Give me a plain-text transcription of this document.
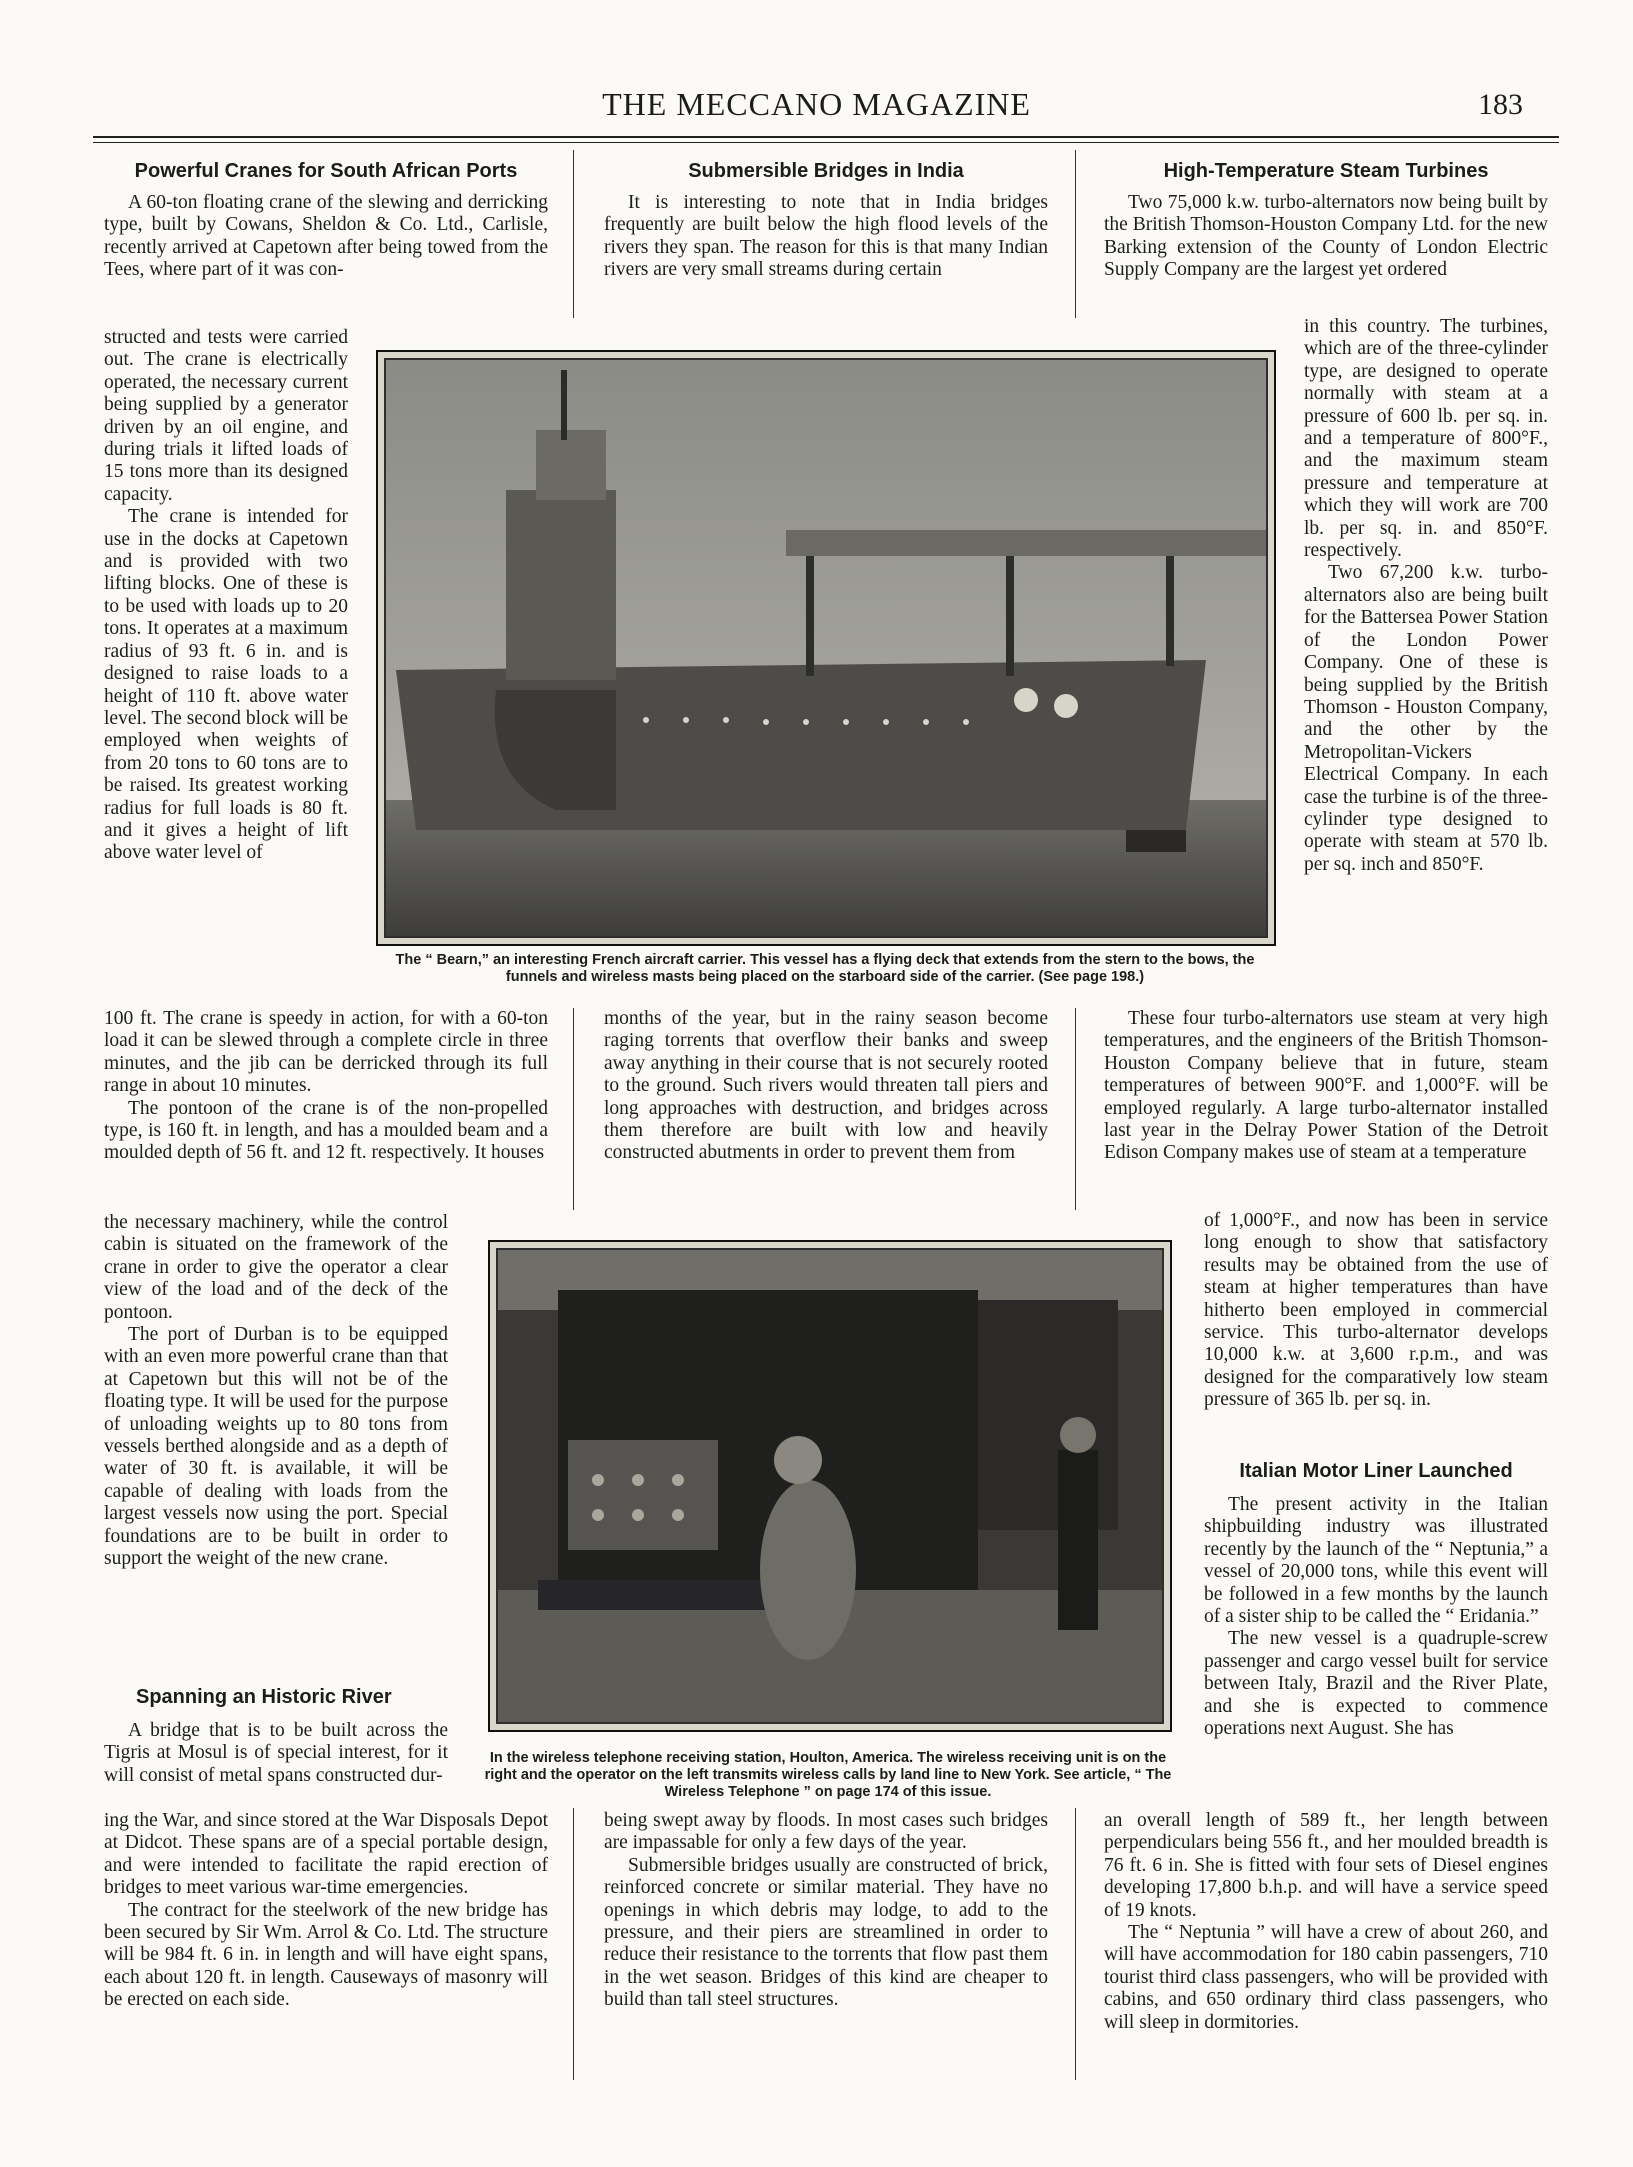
THE MECCANO MAGAZINE	183
Powerful Cranes for South African Ports

A 60-ton floating crane of the slewing and derricking type, built by Cowans, Sheldon & Co. Ltd., Carlisle, recently arrived at Capetown after being towed from the Tees, where part of it was con-

structed and tests were carried out. The crane is electrically operated, the necessary current being supplied by a generator driven by an oil engine, and during trials it lifted loads of 15 tons more than its designed capacity.

The crane is intended for use in the docks at Capetown and is provided with two lifting blocks. One of these is to be used with loads up to 20 tons. It operates at a maximum radius of 93 ft. 6 in. and is designed to raise loads to a height of 110 ft. above water level. The second block will be employed when weights of from 20 tons to 60 tons are to be raised. Its greatest working radius for full loads is 80 ft. and it gives a height of lift above water level of

100 ft. The crane is speedy in action, for with a 60-ton load it can be slewed through a complete circle in three minutes, and the jib can be derricked through its full range in about 10 minutes.

The pontoon of the crane is of the non-propelled type, is 160 ft. in length, and has a moulded beam and a moulded depth of 56 ft. and 12 ft. respectively. It houses

the necessary machinery, while the control cabin is situated on the framework of the crane in order to give the operator a clear view of the load and of the deck of the pontoon.

The port of Durban is to be equipped with an even more powerful crane than that at Capetown but this will not be of the floating type. It will be used for the purpose of unloading weights up to 80 tons from vessels berthed alongside and as a depth of water of 30 ft. is available, it will be capable of dealing with loads from the largest vessels now using the port. Special foundations are to be built in order to support the weight of the new crane.

Spanning an Historic River

A bridge that is to be built across the Tigris at Mosul is of special interest, for it will consist of metal spans constructed dur-

ing the War, and since stored at the War Disposals Depot at Didcot. These spans are of a special portable design, and were intended to facilitate the rapid erection of bridges to meet various war-time emergencies.

The contract for the steelwork of the new bridge has been secured by Sir Wm. Arrol & Co. Ltd. The structure will be 984 ft. 6 in. in length and will have eight spans, each about 120 ft. in length. Causeways of masonry will be erected on each side.

Submersible Bridges in India

It is interesting to note that in India bridges frequently are built below the high flood levels of the rivers they span. The reason for this is that many Indian rivers are very small streams during certain

months of the year, but in the rainy season become raging torrents that overflow their banks and sweep away anything in their course that is not securely rooted to the ground. Such rivers would threaten tall piers and long approaches with destruction, and bridges across them therefore are built with low and heavily constructed abutments in order to prevent them from

being swept away by floods. In most cases such bridges are impassable for only a few days of the year.

Submersible bridges usually are constructed of brick, reinforced concrete or similar material. They have no openings in which debris may lodge, to add to the pressure, and their piers are streamlined in order to reduce their resistance to the torrents that flow past them in the wet season. Bridges of this kind are cheaper to build than tall steel structures.

High-Temperature Steam Turbines

Two 75,000 k.w. turbo-alternators now being built by the British Thomson-Houston Company Ltd. for the new Barking extension of the County of London Electric Supply Company are the largest yet ordered

in this country. The turbines, which are of the three-cylinder type, are designed to operate normally with steam at a pressure of 600 lb. per sq. in. and a temperature of 800°F., and the maximum steam pressure and temperature at which they will work are 700 lb. per sq. in. and 850°F. respectively.

Two 67,200 k.w. turbo-alternators also are being built for the Battersea Power Station of the London Power Company. One of these is being supplied by the British Thomson - Houston Company, and the other by the Metropolitan-Vickers Electrical Company. In each case the turbine is of the three-cylinder type designed to operate with steam at 570 lb. per sq. inch and 850°F.

These four turbo-alternators use steam at very high temperatures, and the engineers of the British Thomson-Houston Company believe that in future, steam temperatures of between 900°F. and 1,000°F. will be employed regularly. A large turbo-alternator installed last year in the Delray Power Station of the Detroit Edison Company makes use of steam at a temperature

of 1,000°F., and now has been in service long enough to show that satisfactory results may be obtained from the use of steam at higher temperatures than have hitherto been employed in commercial service. This turbo-alternator develops 10,000 k.w. at 3,600 r.p.m., and was designed for the comparatively low steam pressure of 365 lb. per sq. in.

Italian Motor Liner Launched

The present activity in the Italian shipbuilding industry was illustrated recently by the launch of the “ Neptunia,” a vessel of 20,000 tons, while this event will be followed in a few months by the launch of a sister ship to be called the “ Eridania.”

The new vessel is a quadruple-screw passenger and cargo vessel built for service between Italy, Brazil and the River Plate, and she is expected to commence operations next August. She has

an overall length of 589 ft., her length between perpendiculars being 556 ft., and her moulded breadth is 76 ft. 6 in. She is fitted with four sets of Diesel engines developing 17,800 b.h.p. and will have a service speed of 19 knots.

The “ Neptunia ” will have a crew of about 260, and will have accommodation for 180 cabin passengers, 710 tourist third class passengers, who will be provided with cabins, and 650 ordinary third class passengers, who will sleep in dormitories.

The “ Bearn,” an interesting French aircraft carrier. This vessel has a flying deck that extends from the stern to the bows, the funnels and wireless masts being placed on the starboard side of the carrier. (See page 198.)
In the wireless telephone receiving station, Houlton, America. The wireless receiving unit is on the right and the operator on the left transmits wireless calls by land line to New York. See article, “ The Wireless Telephone ” on page 174 of this issue.
